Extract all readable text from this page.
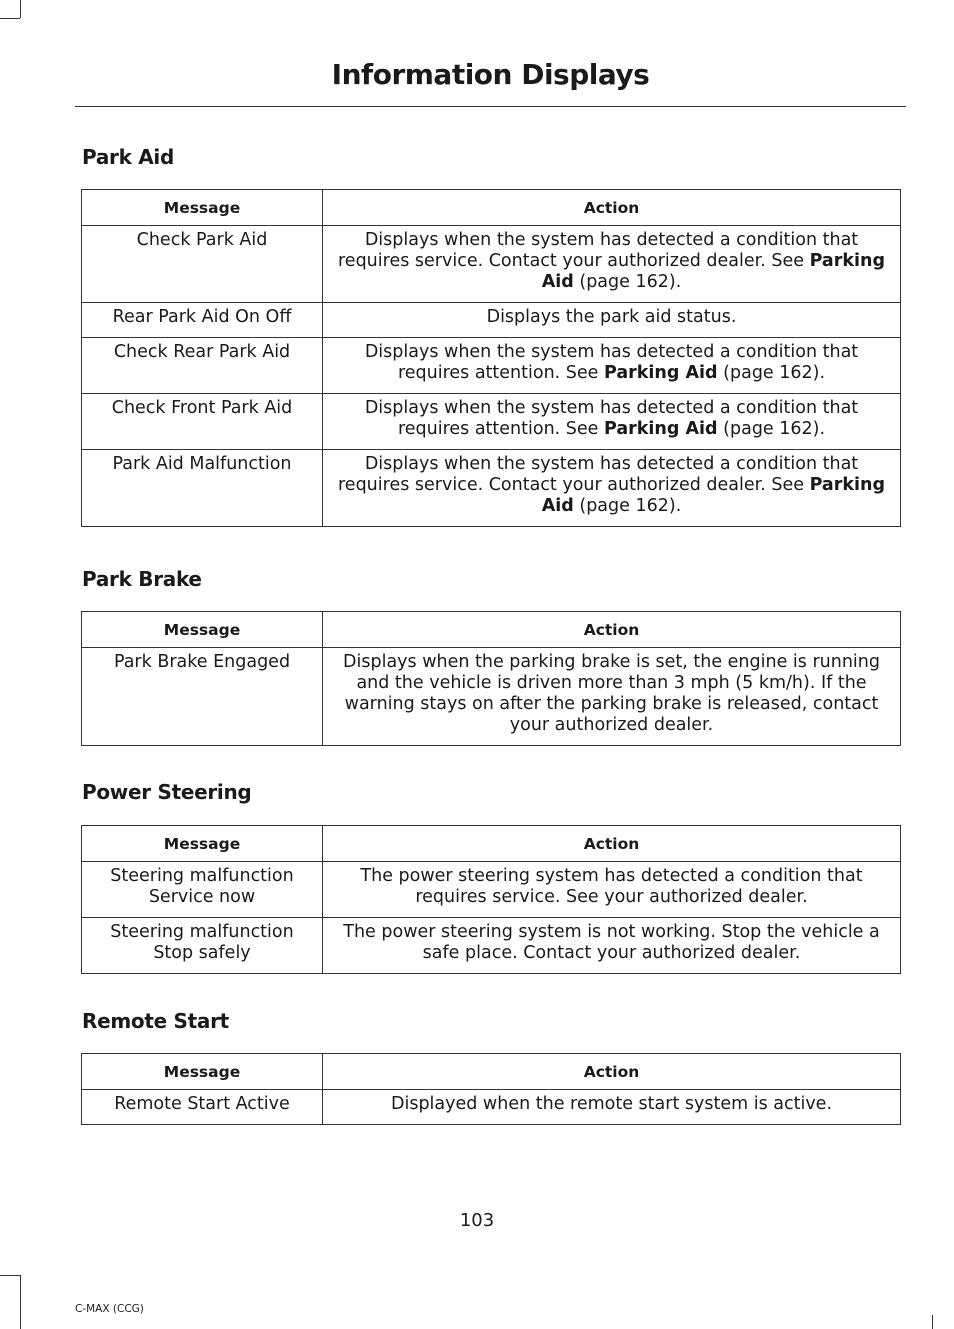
Information Displays
Park Aid
Message	Action
Check Park Aid	Displays when the system has detected a condition that requires service. Contact your authorized dealer. See Parking Aid (page 162).
Rear Park Aid On Off	Displays the park aid status.
Check Rear Park Aid	Displays when the system has detected a condition that requires attention. See Parking Aid (page 162).
Check Front Park Aid	Displays when the system has detected a condition that requires attention. See Parking Aid (page 162).
Park Aid Malfunction	Displays when the system has detected a condition that requires service. Contact your authorized dealer. See Parking Aid (page 162).
Park Brake
Message	Action
Park Brake Engaged	Displays when the parking brake is set, the engine is running and the vehicle is driven more than 3 mph (5 km/h). If the warning stays on after the parking brake is released, contact your authorized dealer.
Power Steering
Message	Action

Steering malfunction
Service now	The power steering system has detected a condition that requires service. See your authorized dealer.

Steering malfunction
Stop safely	The power steering system is not working. Stop the vehicle a safe place. Contact your authorized dealer.
Remote Start
Message	Action
Remote Start Active	Displayed when the remote start system is active.
103
C-MAX (CCG)
